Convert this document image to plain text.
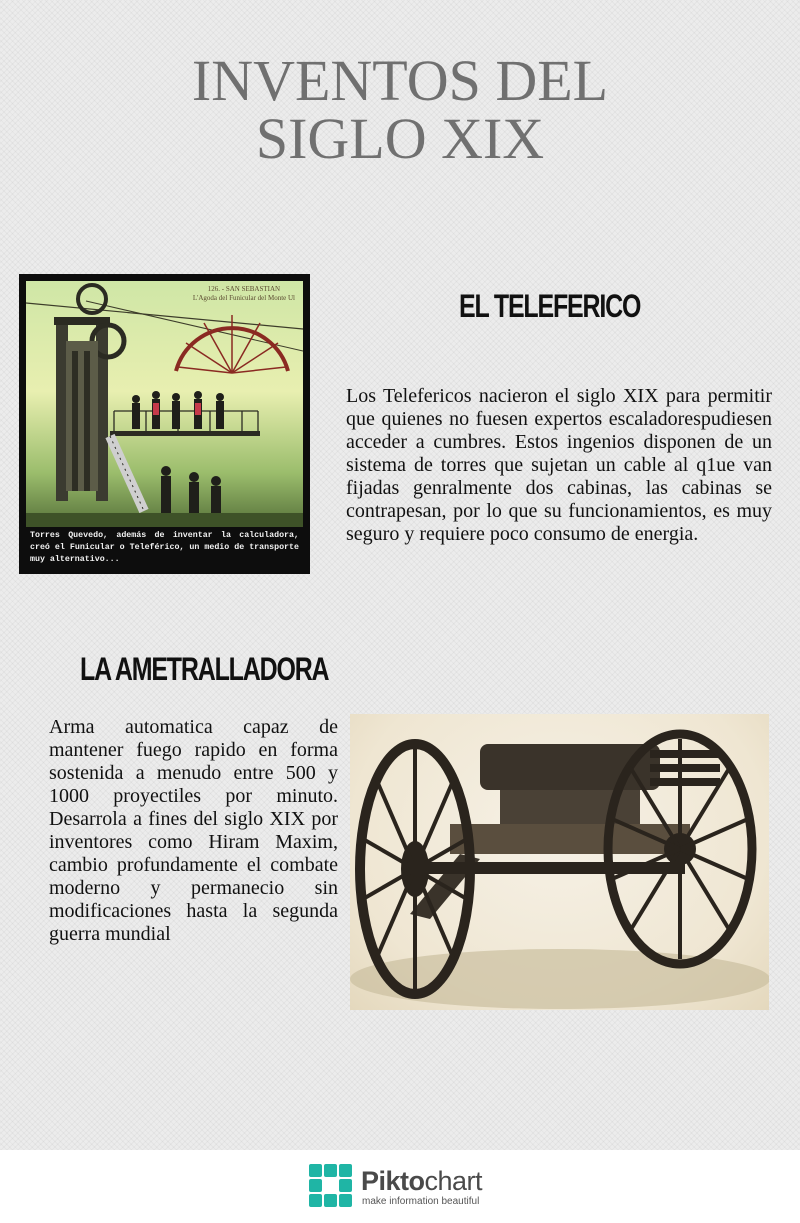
INVENTOS DEL
SIGLO XIX
126. - SAN SEBASTIAN
L'Agoda del Funicular del Monte Ul
Torres Quevedo, además de inventar la calculadora, creó el Funicular o Teleférico, un medio de transporte muy alternativo...
EL TELEFERICO

Los Telefericos nacieron el siglo XIX para permitir que quienes no fuesen expertos escaladorespudiesen acceder a cumbres. Estos ingenios disponen de un sistema de torres que sujetan un cable al q1ue van fijadas genralmente dos cabinas, las cabinas se contrapesan, por lo que su funcionamientos, es muy seguro y requiere poco consumo de energia.

LA AMETRALLADORA

Arma automatica capaz de mantener fuego rapido en forma sostenida a menudo entre 500 y 1000 proyectiles por minuto. Desarrola a fines del siglo XIX por inventores como Hiram Maxim, cambio profundamente el combate moderno y permanecio sin modificaciones hasta la segunda guerra mundial

Piktochart
make information beautiful
